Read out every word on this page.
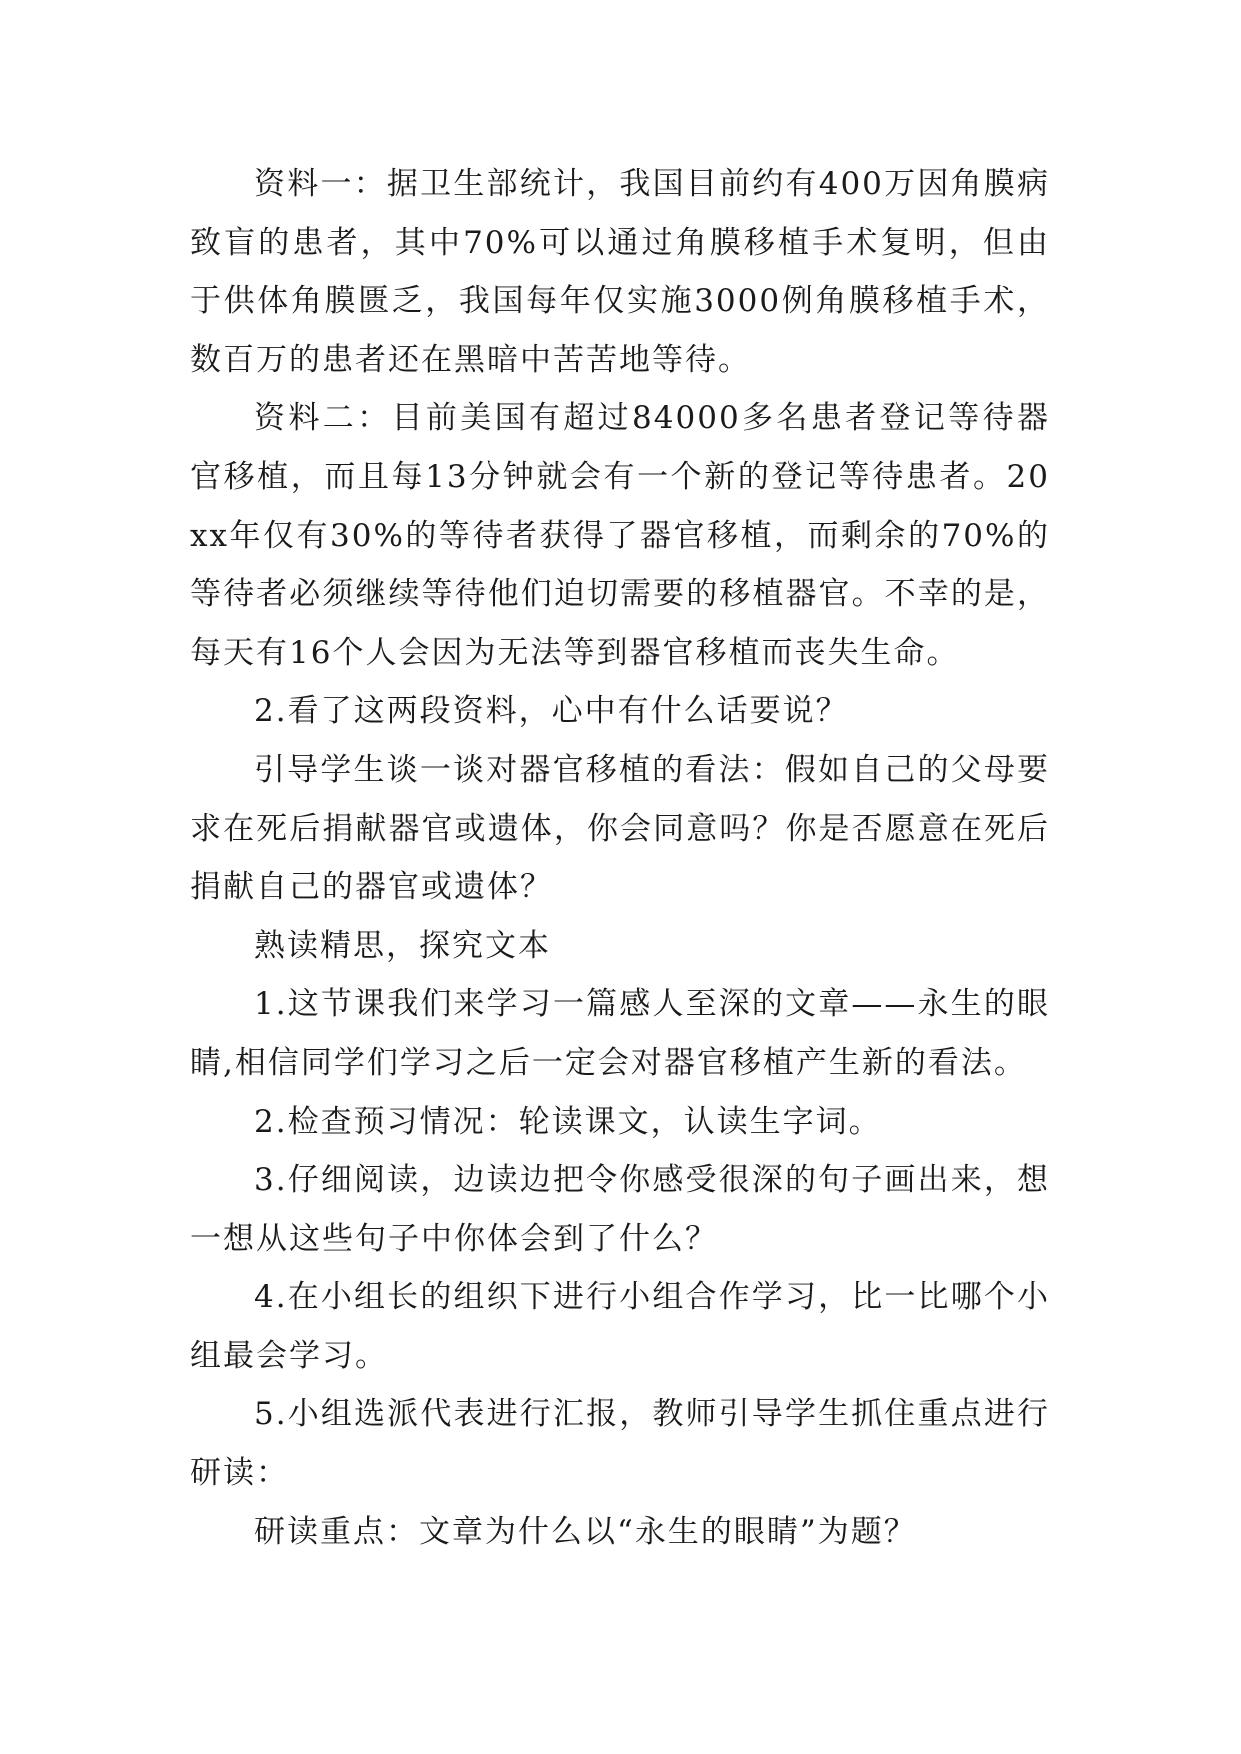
资料一：据卫生部统计，我国目前约有400万因角膜病致盲的患者，其中70%可以通过角膜移植手术复明，但由于供体角膜匮乏，我国每年仅实施3000例角膜移植手术，数百万的患者还在黑暗中苦苦地等待。

资料二：目前美国有超过84000多名患者登记等待器官移植，而且每13分钟就会有一个新的登记等待患者。20xx年仅有30%的等待者获得了器官移植，而剩余的70%的等待者必须继续等待他们迫切需要的移植器官。不幸的是，每天有16个人会因为无法等到器官移植而丧失生命。

2.看了这两段资料，心中有什么话要说？

引导学生谈一谈对器官移植的看法：假如自己的父母要求在死后捐献器官或遗体，你会同意吗？你是否愿意在死后捐献自己的器官或遗体？

熟读精思，探究文本

1.这节课我们来学习一篇感人至深的文章——永生的眼睛,相信同学们学习之后一定会对器官移植产生新的看法。

2.检查预习情况：轮读课文，认读生字词。

3.仔细阅读，边读边把令你感受很深的句子画出来，想一想从这些句子中你体会到了什么？

4.在小组长的组织下进行小组合作学习，比一比哪个小组最会学习。

5.小组选派代表进行汇报，教师引导学生抓住重点进行研读：

研读重点：文章为什么以“永生的眼睛”为题？
